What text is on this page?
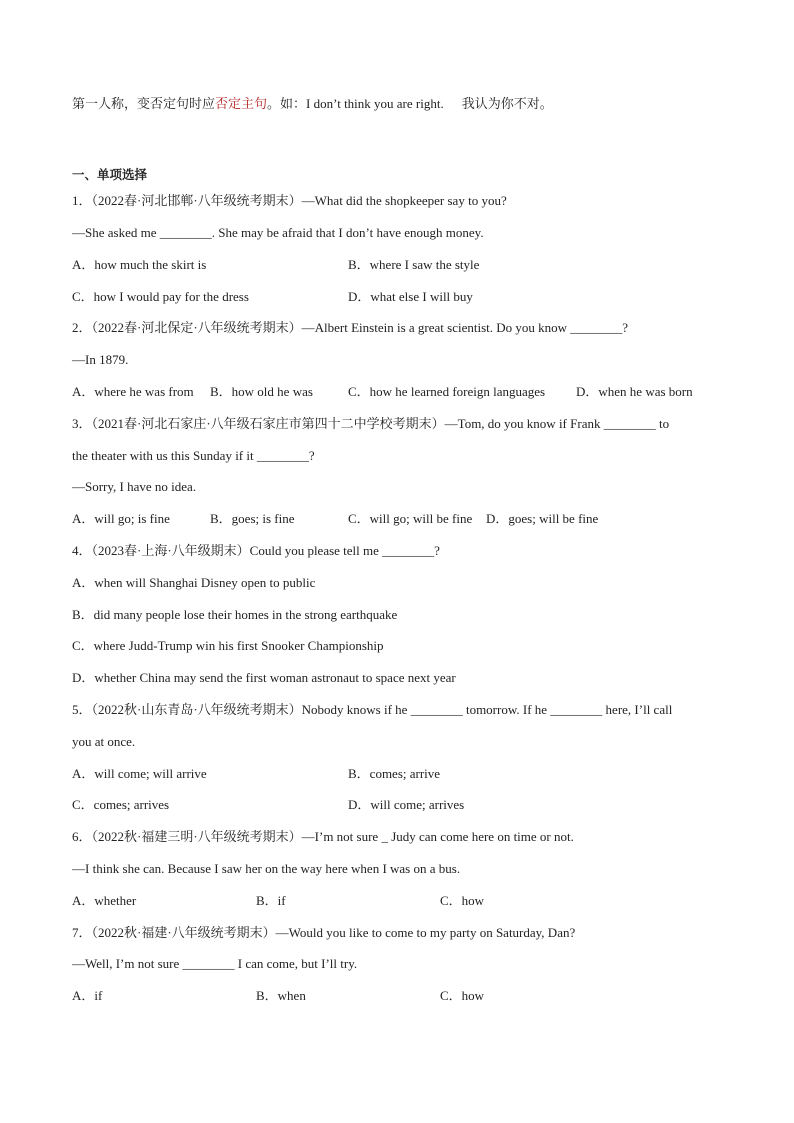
第一人称，变否定句时应否定主句。如：I don’t think you are right. 我认为你不对。
一、单项选择
1．（2022春·河北邯郸·八年级统考期末）—What did the shopkeeper say to you?
—She asked me ________. She may be afraid that I don’t have enough money.
A．how much the skirt is	B．where I saw the style
C．how I would pay for the dress	D．what else I will buy
2．（2022春·河北保定·八年级统考期末）—Albert Einstein is a great scientist. Do you know ________?
—In 1879.
A．where he was from B．how old he was	C．how he learned foreign languages D．when he was born
3．（2021春·河北石家庄·八年级石家庄市第四十二中学校考期末）—Tom, do you know if Frank ________ to
the theater with us this Sunday if it ________?
—Sorry, I have no idea.
A．will go; is fine	B．goes; is fine	C．will go; will be fine D．goes; will be fine
4．（2023春·上海·八年级期末）Could you please tell me ________?
A．when will Shanghai Disney open to public
B．did many people lose their homes in the strong earthquake
C．where Judd-Trump win his first Snooker Championship
D．whether China may send the first woman astronaut to space next year
5．（2022秋·山东青岛·八年级统考期末）Nobody knows if he ________ tomorrow. If he ________ here, I’ll call
you at once.
A．will come; will arrive	B．comes; arrive
C．comes; arrives	D．will come; arrives
6．（2022秋·福建三明·八年级统考期末）—I’m not sure _ Judy can come here on time or not.
—I think she can. Because I saw her on the way here when I was on a bus.
A．whether	B．if	C．how
7．（2022秋·福建·八年级统考期末）—Would you like to come to my party on Saturday, Dan?
—Well, I’m not sure ________ I can come, but I’ll try.
A．if	B．when	C．how
